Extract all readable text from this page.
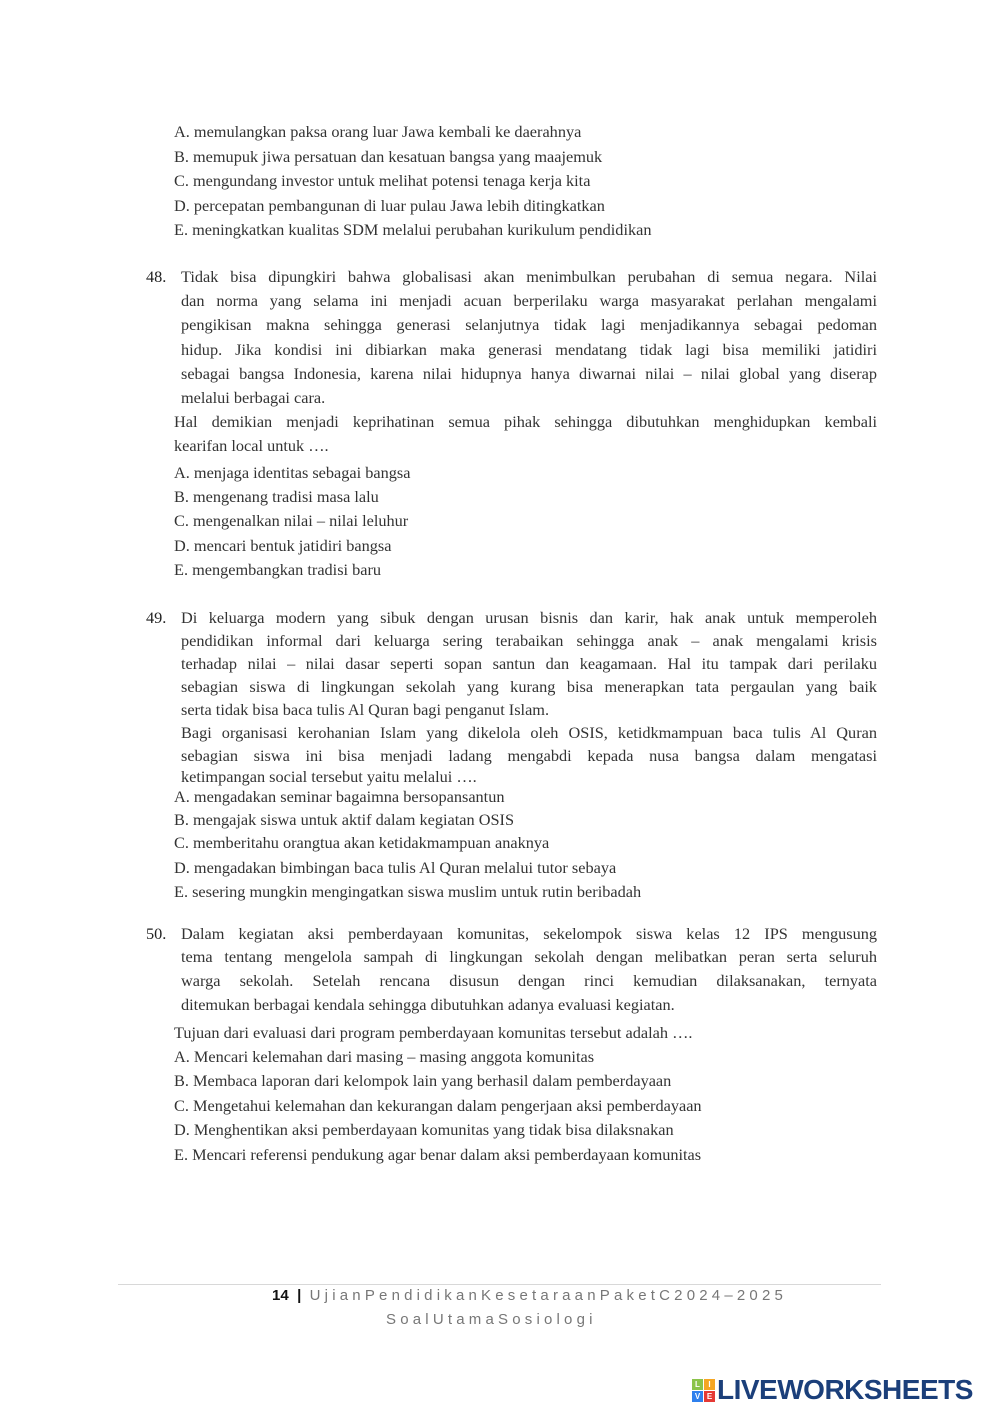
A. memulangkan paksa orang luar Jawa kembali ke daerahnya
B. memupuk jiwa persatuan dan kesatuan bangsa yang maajemuk
C. mengundang investor untuk melihat potensi tenaga kerja kita
D. percepatan pembangunan di luar pulau Jawa lebih ditingkatkan
E. meningkatkan kualitas SDM melalui perubahan kurikulum pendidikan
48. Tidak bisa dipungkiri bahwa globalisasi akan menimbulkan perubahan di semua negara. Nilai
dan norma yang selama ini menjadi acuan berperilaku warga masyarakat perlahan mengalami
pengikisan makna sehingga generasi selanjutnya tidak lagi menjadikannya sebagai pedoman
hidup. Jika kondisi ini dibiarkan maka generasi mendatang tidak lagi bisa memiliki jatidiri
sebagai bangsa Indonesia, karena nilai hidupnya hanya diwarnai nilai – nilai global yang diserap
melalui berbagai cara.
Hal demikian menjadi keprihatinan semua pihak sehingga dibutuhkan menghidupkan kembali
kearifan local untuk ….
A. menjaga identitas sebagai bangsa
B. mengenang tradisi masa lalu
C. mengenalkan nilai – nilai leluhur
D. mencari bentuk jatidiri bangsa
E. mengembangkan tradisi baru
49. Di keluarga modern yang sibuk dengan urusan bisnis dan karir, hak anak untuk memperoleh
pendidikan informal dari keluarga sering terabaikan sehingga anak – anak mengalami krisis
terhadap nilai – nilai dasar seperti sopan santun dan keagamaan. Hal itu tampak dari perilaku
sebagian siswa di lingkungan sekolah yang kurang bisa menerapkan tata pergaulan yang baik
serta tidak bisa baca tulis Al Quran bagi penganut Islam.
Bagi organisasi kerohanian Islam yang dikelola oleh OSIS, ketidkmampuan baca tulis Al Quran
sebagian siswa ini bisa menjadi ladang mengabdi kepada nusa bangsa dalam mengatasi
ketimpangan social tersebut yaitu melalui ….
A. mengadakan seminar bagaimna bersopansantun
B. mengajak siswa untuk aktif dalam kegiatan OSIS
C. memberitahu orangtua akan ketidakmampuan anaknya
D. mengadakan bimbingan baca tulis Al Quran melalui tutor sebaya
E. sesering mungkin mengingatkan siswa muslim untuk rutin beribadah
50. Dalam kegiatan aksi pemberdayaan komunitas, sekelompok siswa kelas 12 IPS mengusung
tema tentang mengelola sampah di lingkungan sekolah dengan melibatkan peran serta seluruh
warga sekolah. Setelah rencana disusun dengan rinci kemudian dilaksanakan, ternyata
ditemukan berbagai kendala sehingga dibutuhkan adanya evaluasi kegiatan.
Tujuan dari evaluasi dari program pemberdayaan komunitas tersebut adalah ….
A. Mencari kelemahan dari masing – masing anggota komunitas
B. Membaca laporan dari kelompok lain yang berhasil dalam pemberdayaan
C. Mengetahui kelemahan dan kekurangan dalam pengerjaan aksi pemberdayaan
D. Menghentikan aksi pemberdayaan komunitas yang tidak bisa dilaksnakan
E. Mencari referensi pendukung agar benar dalam aksi pemberdayaan komunitas
14 | UjianPendidikanKesetaraanPaketC2024–2025
SoalUtamaSosiologi
L	I
V E LIVEWORKSHEETS
